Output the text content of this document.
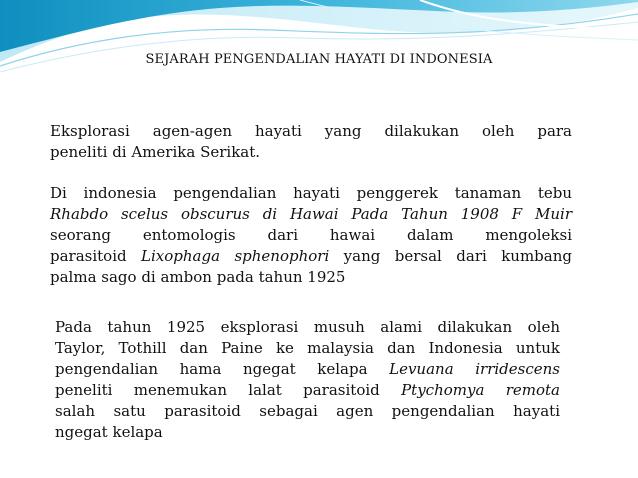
SEJARAH PENGENDALIAN HAYATI DI INDONESIA
Eksplorasi agen-agen hayati yang dilakukan oleh para
peneliti di Amerika Serikat.
Di indonesia pengendalian hayati penggerek tanaman tebu
Rhabdo scelus obscurus di Hawai Pada Tahun 1908 F Muir
seorang entomologis dari hawai dalam mengoleksi
parasitoid Lixophaga sphenophori yang bersal dari kumbang
palma sago di ambon pada tahun 1925
Pada tahun 1925 eksplorasi musuh alami dilakukan oleh
Taylor, Tothill dan Paine ke malaysia dan Indonesia untuk
pengendalian hama ngegat kelapa Levuana irridescens
peneliti menemukan lalat parasitoid Ptychomya remota
salah satu parasitoid sebagai agen pengendalian hayati
ngegat kelapa
